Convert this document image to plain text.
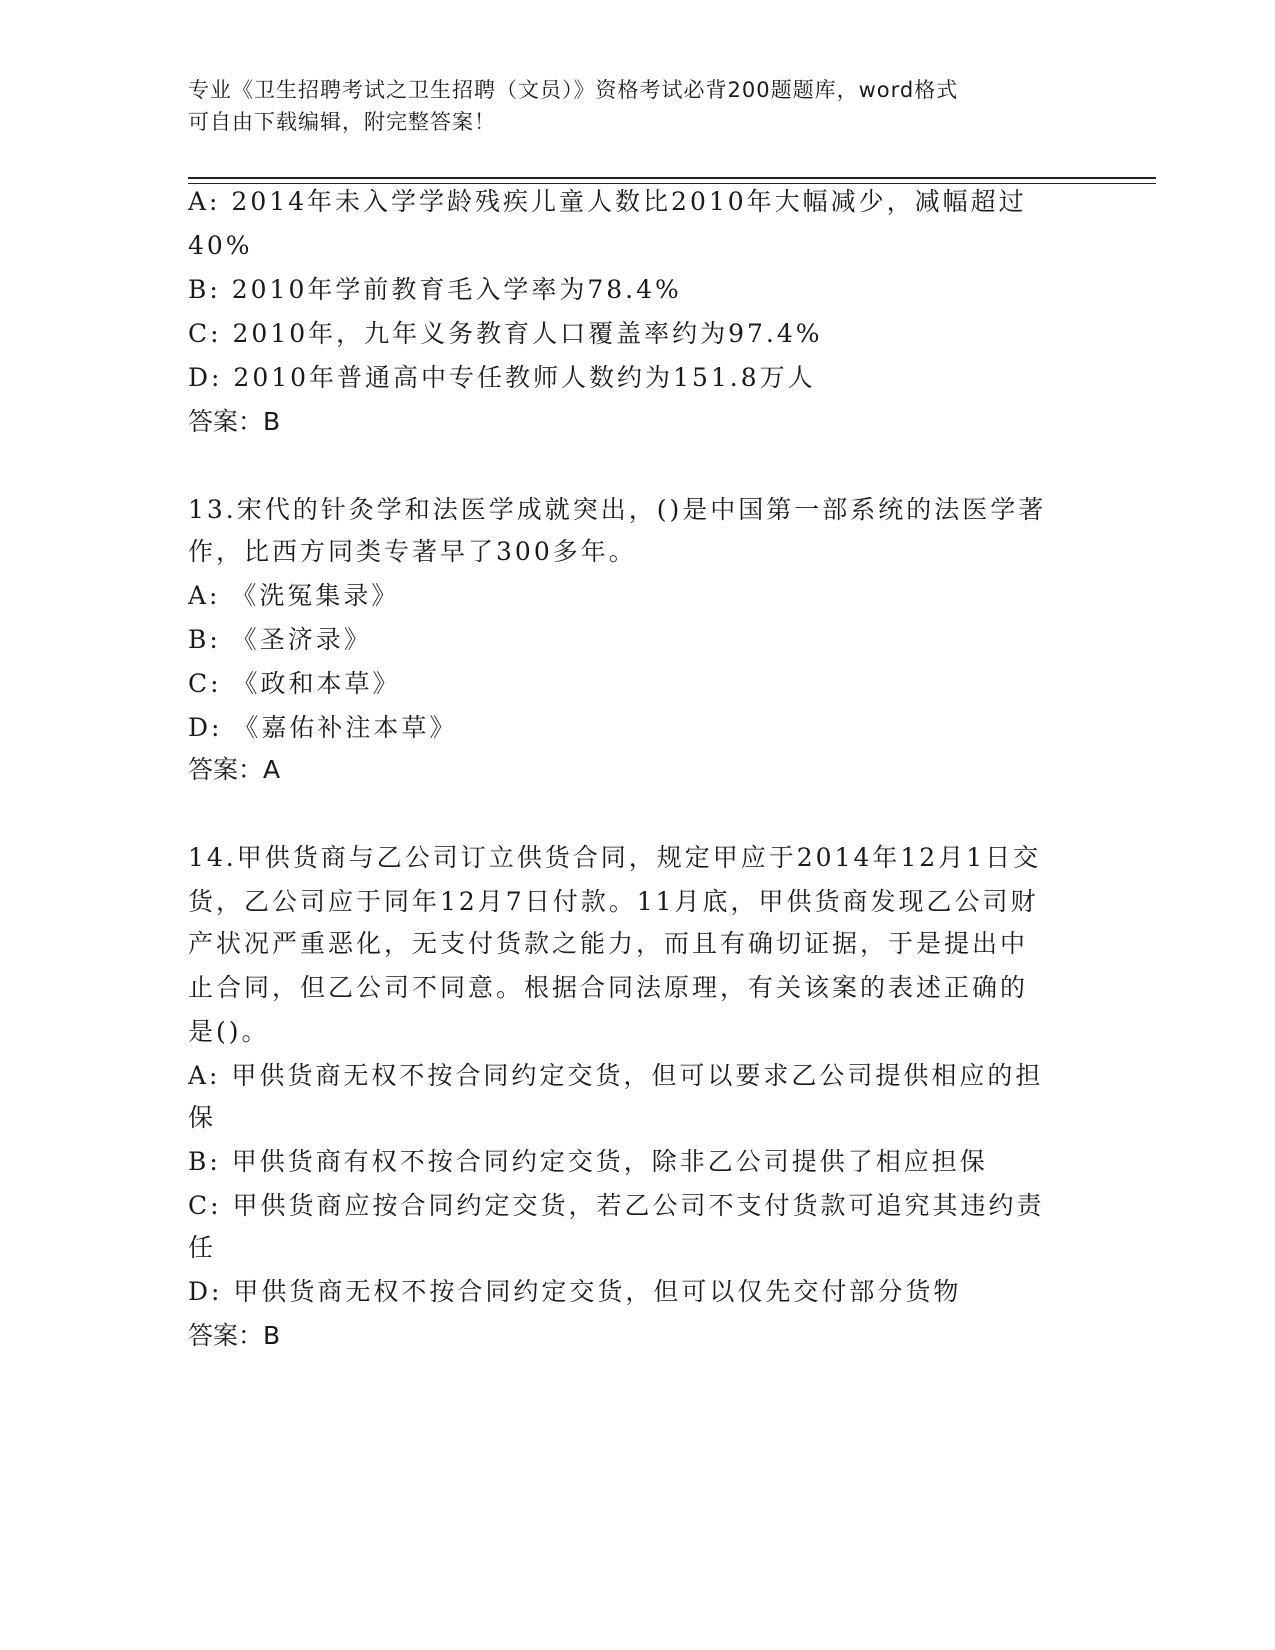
专业《卫生招聘考试之卫生招聘（文员）》资格考试必背200题题库，word格式
可自由下载编辑，附完整答案！
A: 2014年未入学学龄残疾儿童人数比2010年大幅减少，减幅超过
40%
B: 2010年学前教育毛入学率为78.4%
C: 2010年，九年义务教育人口覆盖率约为97.4%
D: 2010年普通高中专任教师人数约为151.8万人
答案：B
13.宋代的针灸学和法医学成就突出，()是中国第一部系统的法医学著
作，比西方同类专著早了300多年。
A: 《洗冤集录》
B: 《圣济录》
C: 《政和本草》
D: 《嘉佑补注本草》
答案：A
14.甲供货商与乙公司订立供货合同，规定甲应于2014年12月1日交
货，乙公司应于同年12月7日付款。11月底，甲供货商发现乙公司财
产状况严重恶化，无支付货款之能力，而且有确切证据，于是提出中
止合同，但乙公司不同意。根据合同法原理，有关该案的表述正确的
是()。
A: 甲供货商无权不按合同约定交货，但可以要求乙公司提供相应的担
保
B: 甲供货商有权不按合同约定交货，除非乙公司提供了相应担保
C: 甲供货商应按合同约定交货，若乙公司不支付货款可追究其违约责
任
D: 甲供货商无权不按合同约定交货，但可以仅先交付部分货物
答案：B
